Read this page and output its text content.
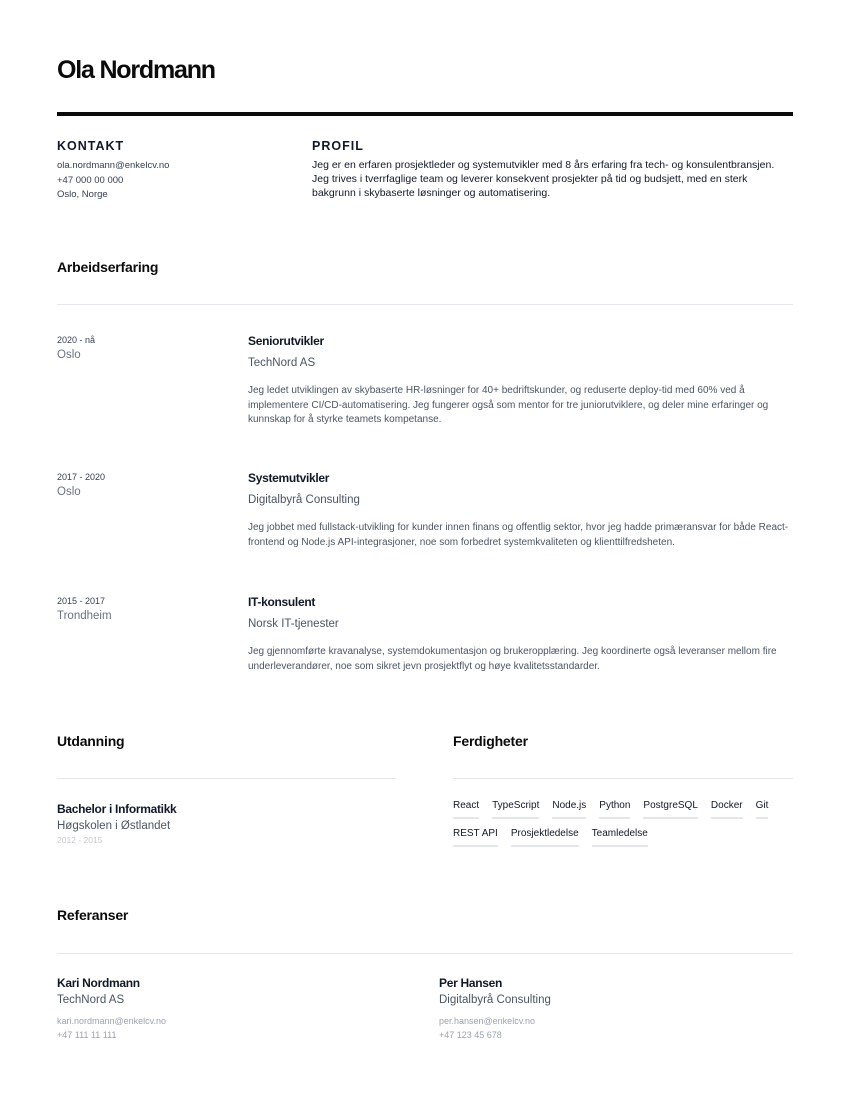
Ola Nordmann
KONTAKT
ola.nordmann@enkelcv.no
+47 000 00 000
Oslo, Norge
PROFIL

Jeg er en erfaren prosjektleder og systemutvikler med 8 års erfaring fra tech- og konsulentbransjen. Jeg trives i tverrfaglige team og leverer konsekvent prosjekter på tid og budsjett, med en sterk bakgrunn i skybaserte løsninger og automatisering.

Arbeidserfaring
2020 - nå
Oslo
Seniorutvikler
TechNord AS
Jeg ledet utviklingen av skybaserte HR-løsninger for 40+ bedriftskunder, og reduserte deploy-tid med 60% ved å implementere CI/CD-automatisering. Jeg fungerer også som mentor for tre juniorutviklere, og deler mine erfaringer og kunnskap for å styrke teamets kompetanse.
2017 - 2020
Oslo
Systemutvikler
Digitalbyrå Consulting
Jeg jobbet med fullstack-utvikling for kunder innen finans og offentlig sektor, hvor jeg hadde primæransvar for både React-frontend og Node.js API-integrasjoner, noe som forbedret systemkvaliteten og klienttilfredsheten.
2015 - 2017
Trondheim
IT-konsulent
Norsk IT-tjenester
Jeg gjennomførte kravanalyse, systemdokumentasjon og brukeropplæring. Jeg koordinerte også leveranser mellom fire underleverandører, noe som sikret jevn prosjektflyt og høye kvalitetsstandarder.
Utdanning
Bachelor i Informatikk
Høgskolen i Østlandet
2012 - 2015
Ferdigheter
React TypeScript Node.js Python PostgreSQL Docker Git
REST API Prosjektledelse Teamledelse
Referanser
Kari Nordmann
TechNord AS
kari.nordmann@enkelcv.no
+47 111 11 111
Per Hansen
Digitalbyrå Consulting
per.hansen@enkelcv.no
+47 123 45 678
